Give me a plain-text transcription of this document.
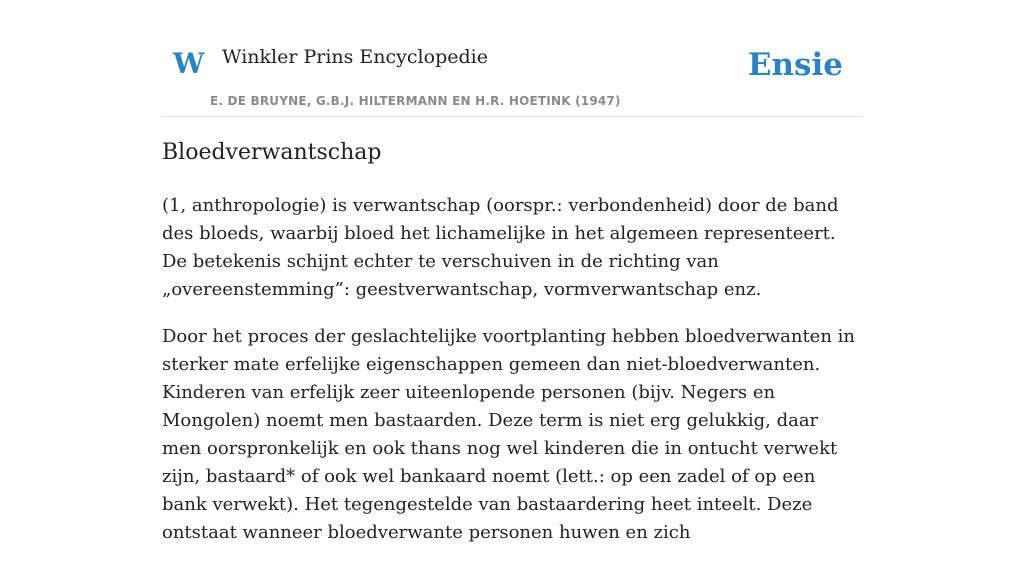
W Winkler Prins Encyclopedie
E. DE BRUYNE, G.B.J. HILTERMANN EN H.R. HOETINK (1947)
Ensie
Bloedverwantschap

(1, anthropologie) is verwantschap (oorspr.: verbondenheid) door de band des bloeds, waarbij bloed het lichamelijke in het algemeen representeert. De betekenis schijnt echter te verschuiven in de richting van „overeenstemming”: geestverwantschap, vormverwantschap enz.

Door het proces der geslachtelijke voortplanting hebben bloedverwanten in sterker mate erfelijke eigenschappen gemeen dan niet-bloedverwanten. Kinderen van erfelijk zeer uiteenlopende personen (bijv. Negers en Mongolen) noemt men bastaarden. Deze term is niet erg gelukkig, daar men oorspronkelijk en ook thans nog wel kinderen die in ontucht verwekt zijn, bastaard* of ook wel bankaard noemt (lett.: op een zadel of op een bank verwekt). Het tegengestelde van bastaardering heet inteelt. Deze ontstaat wanneer bloedverwante personen huwen en zich
